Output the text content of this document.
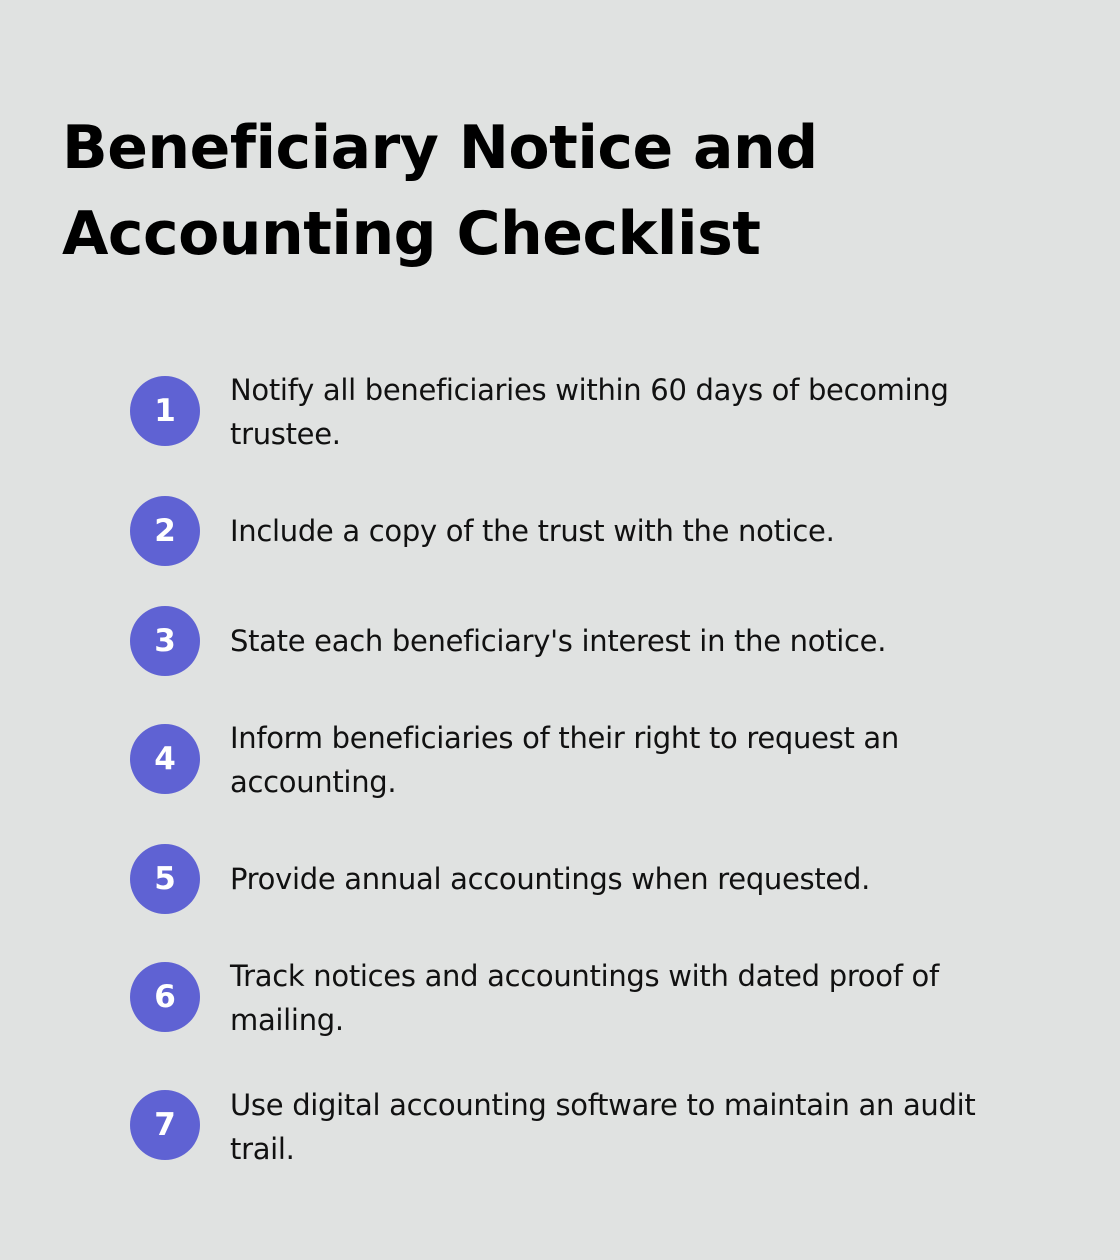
Beneficiary Notice and Accounting Checklist
1
Notify all beneficiaries within 60 days of becoming trustee.
2	Include a copy of the trust with the notice.
3	State each beneficiary's interest in the notice.
4
Inform beneficiaries of their right to request an accounting.
5	Provide annual accountings when requested.
6
Track notices and accountings with dated proof of mailing.
7
Use digital accounting software to maintain an audit trail.
